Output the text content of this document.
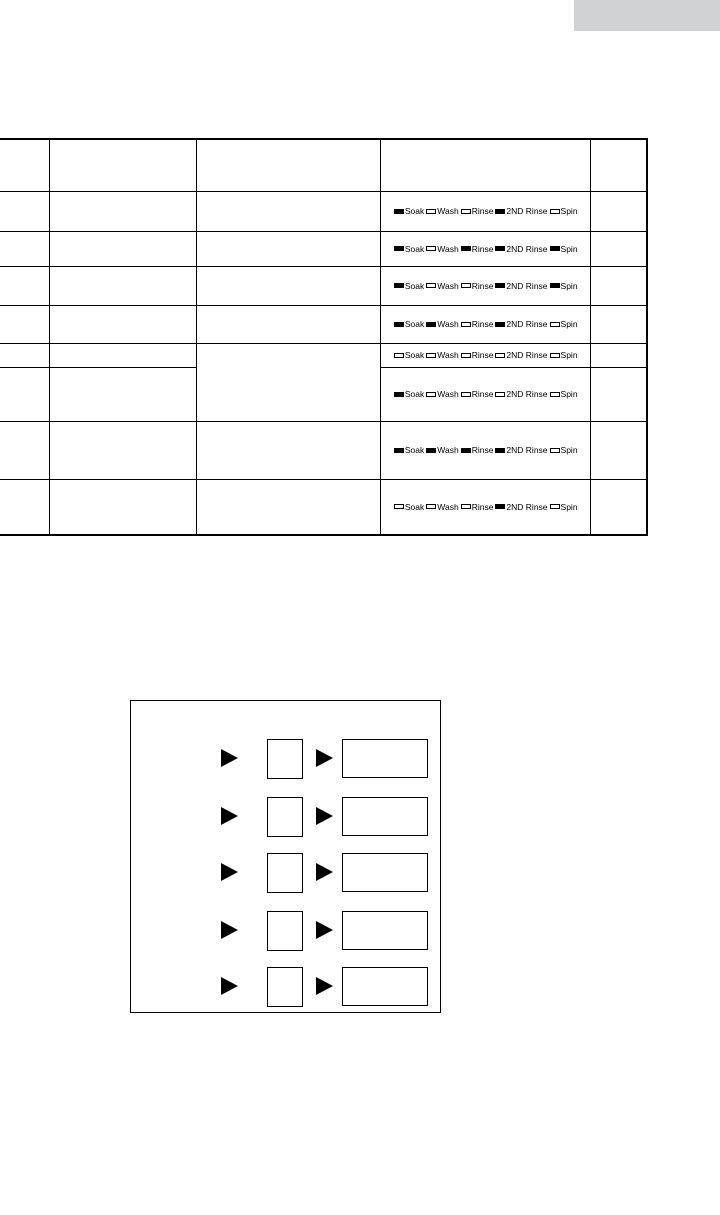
			Soak Wash Rinse 2ND Rinse Spin	

			Soak Wash Rinse 2ND Rinse Spin	

			Soak Wash Rinse 2ND Rinse Spin	

			Soak Wash Rinse 2ND Rinse Spin	

			Soak Wash Rinse 2ND Rinse Spin	

			Soak Wash Rinse 2ND Rinse Spin	

			Soak Wash Rinse 2ND Rinse Spin	

			Soak Wash Rinse 2ND Rinse Spin	
